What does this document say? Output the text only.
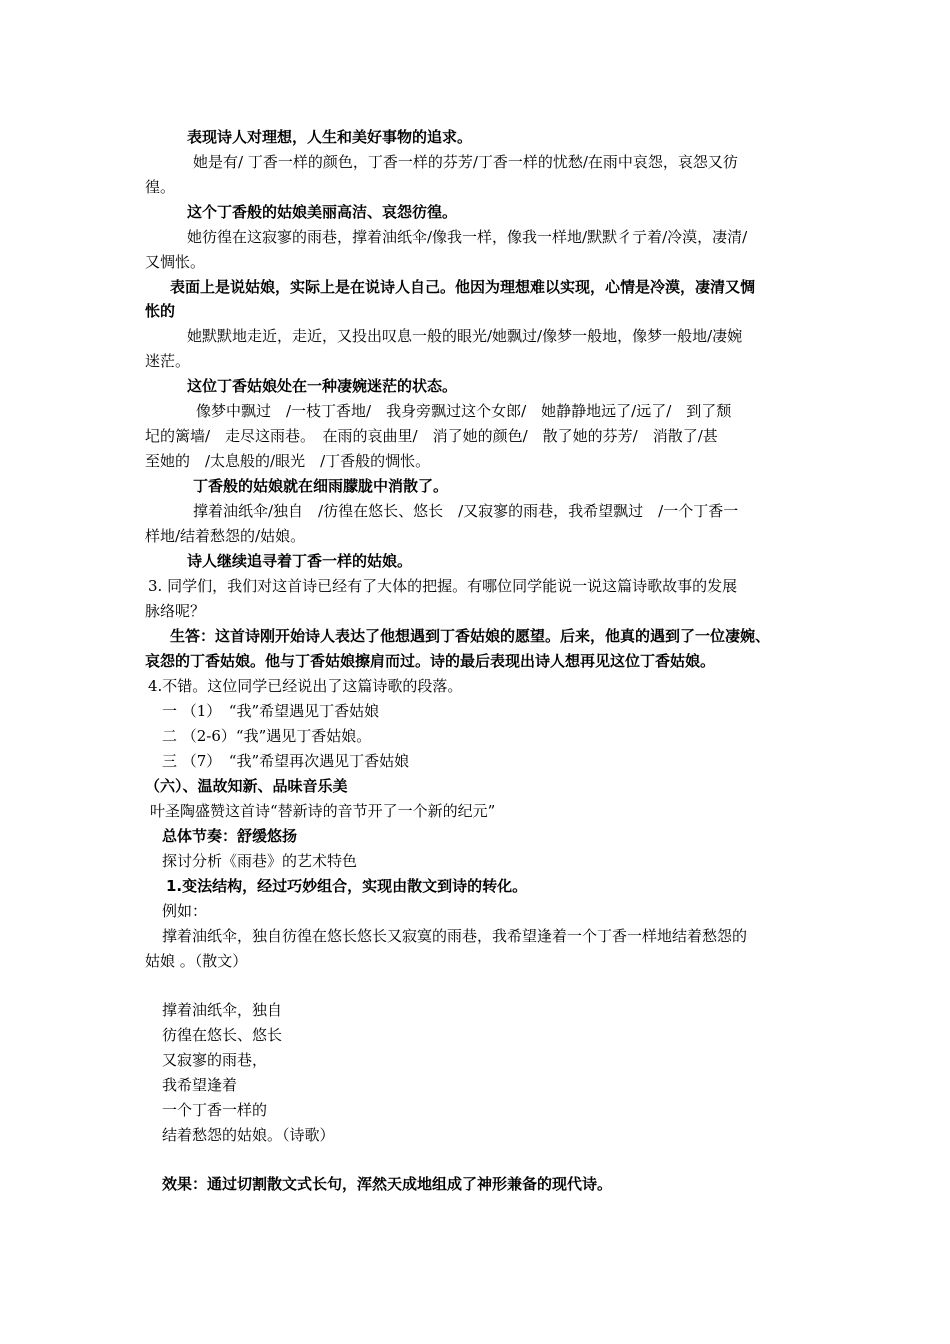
表现诗人对理想，人生和美好事物的追求。

她是有/ 丁香一样的颜色，丁香一样的芬芳/丁香一样的忧愁/在雨中哀怨，哀怨又彷

徨。

这个丁香般的姑娘美丽高洁、哀怨彷徨。

她彷徨在这寂寥的雨巷，撑着油纸伞/像我一样，像我一样地/默默彳亍着/冷漠，凄清/

又惆怅。

表面上是说姑娘，实际上是在说诗人自己。他因为理想难以实现，心情是冷漠，凄清又惆

怅的

她默默地走近，走近，又投出叹息一般的眼光/她飘过/像梦一般地，像梦一般地/凄婉

迷茫。

这位丁香姑娘处在一种凄婉迷茫的状态。

像梦中飘过　/一枝丁香地/　我身旁飘过这个女郎/　她静静地远了/远了/　到了颓

圮的篱墙/　走尽这雨巷。　在雨的哀曲里/　消了她的颜色/　散了她的芬芳/　消散了/甚

至她的　/太息般的/眼光　/丁香般的惆怅。

丁香般的姑娘就在细雨朦胧中消散了。

撑着油纸伞/独自　/彷徨在悠长、悠长　/又寂寥的雨巷，我希望飘过　/一个丁香一

样地/结着愁怨的/姑娘。

诗人继续追寻着丁香一样的姑娘。

3. 同学们，我们对这首诗已经有了大体的把握。有哪位同学能说一说这篇诗歌故事的发展

脉络呢？

生答：这首诗刚开始诗人表达了他想遇到丁香姑娘的愿望。后来，他真的遇到了一位凄婉、

哀怨的丁香姑娘。他与丁香姑娘擦肩而过。诗的最后表现出诗人想再见这位丁香姑娘。

4.不错。这位同学已经说出了这篇诗歌的段落。

一 （1）　“我”希望遇见丁香姑娘

二 （2-6）“我”遇见丁香姑娘。

三 （7）　“我”希望再次遇见丁香姑娘

（六）、温故知新、品味音乐美

叶圣陶盛赞这首诗“替新诗的音节开了一个新的纪元”

总体节奏：舒缓悠扬

探讨分析《雨巷》的艺术特色

1.变法结构，经过巧妙组合，实现由散文到诗的转化。

例如：

撑着油纸伞，独自彷徨在悠长悠长又寂寞的雨巷，我希望逢着一个丁香一样地结着愁怨的

姑娘 。（散文）

撑着油纸伞，独自

彷徨在悠长、悠长

又寂寥的雨巷，

我希望逢着

一个丁香一样的

结着愁怨的姑娘。（诗歌）

效果：通过切割散文式长句，浑然天成地组成了神形兼备的现代诗。
